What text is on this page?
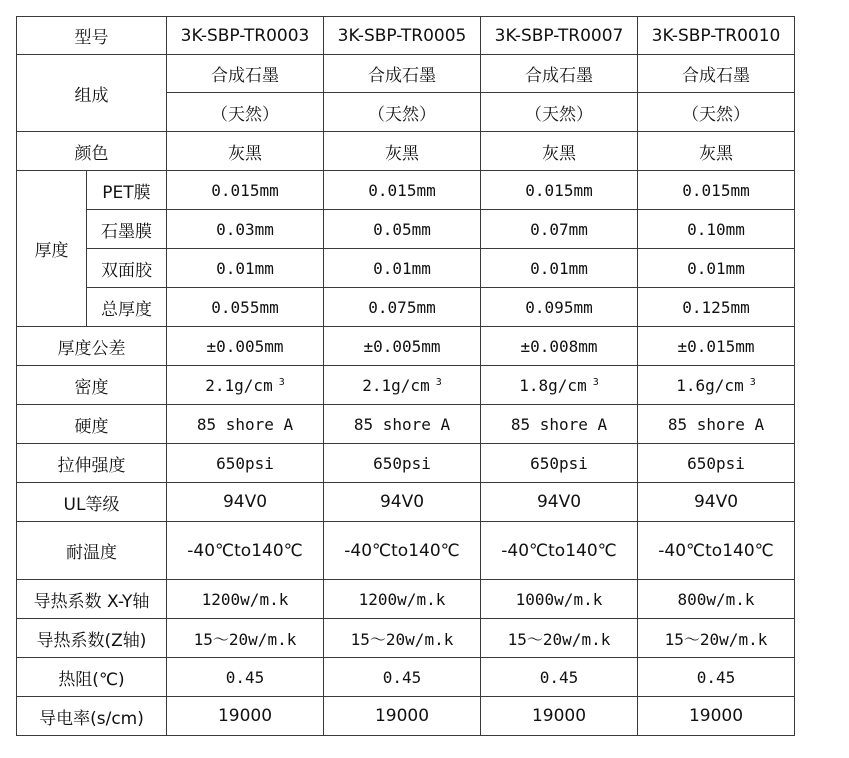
型号		3K-SBP-TR0003	3K-SBP-TR0005	3K-SBP-TR0007	3K-SBP-TR0010
组成		合成石墨	合成石墨	合成石墨	合成石墨
		（天然）	（天然）	（天然）	（天然）
颜色		灰黑	灰黑	灰黑	灰黑
厚度	PET膜	0.015mm	0.015mm	0.015mm	0.015mm
	石墨膜	0.03mm	0.05mm	0.07mm	0.10mm
	双面胶	0.01mm	0.01mm	0.01mm	0.01mm
	总厚度	0.055mm	0.075mm	0.095mm	0.125mm
厚度公差		±0.005mm	±0.005mm	±0.008mm	±0.015mm
密度		2.1g/cm $^3$	2.1g/cm $^3$	1.8g/cm $^3$	1.6g/cm $^3$
硬度		85 shore A	85 shore A	85 shore A	85 shore A
拉伸强度		650psi	650psi	650psi	650psi
UL等级		94V0	94V0	94V0	94V0
耐温度		-40℃to140℃	-40℃to140℃	-40℃to140℃	-40℃to140℃
导热系数 X-Y轴		1200w/m.k	1200w/m.k	1000w/m.k	800w/m.k
导热系数(Z轴)		15～20w/m.k	15～20w/m.k	15～20w/m.k	15～20w/m.k
热阻(℃)		0.45	0.45	0.45	0.45
导电率(s/cm)		19000	19000	19000	19000
